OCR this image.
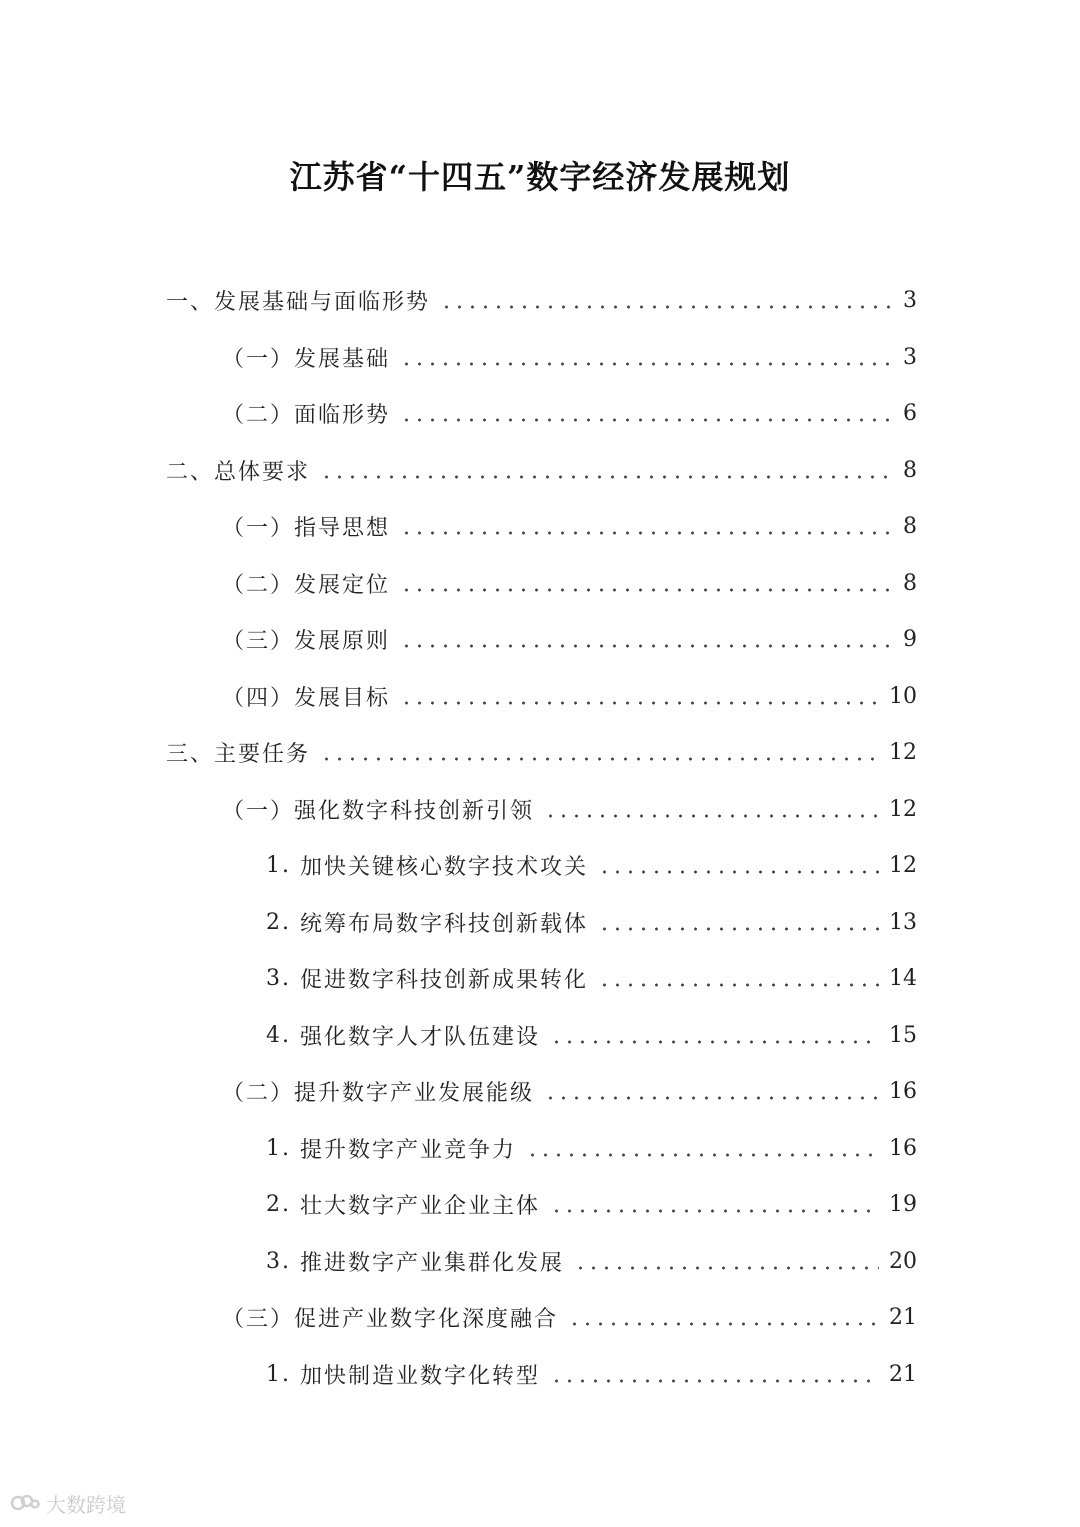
江苏省“十四五”数字经济发展规划
一、 发展基础与面临形势	3
（一） 发展基础	3
（二） 面临形势	6
二、 总体要求	8
（一） 指导思想	8
（二） 发展定位	8
（三） 发展原则	9
（四） 发展目标	10
三、 主要任务	12
（一） 强化数字科技创新引领	12
1. 加快关键核心数字技术攻关	12
2. 统筹布局数字科技创新载体	13
3. 促进数字科技创新成果转化	14
4. 强化数字人才队伍建设	15
（二） 提升数字产业发展能级	16
1. 提升数字产业竞争力	16
2. 壮大数字产业企业主体	19
3. 推进数字产业集群化发展	20
（三） 促进产业数字化深度融合	21
1. 加快制造业数字化转型	21
大数跨境
